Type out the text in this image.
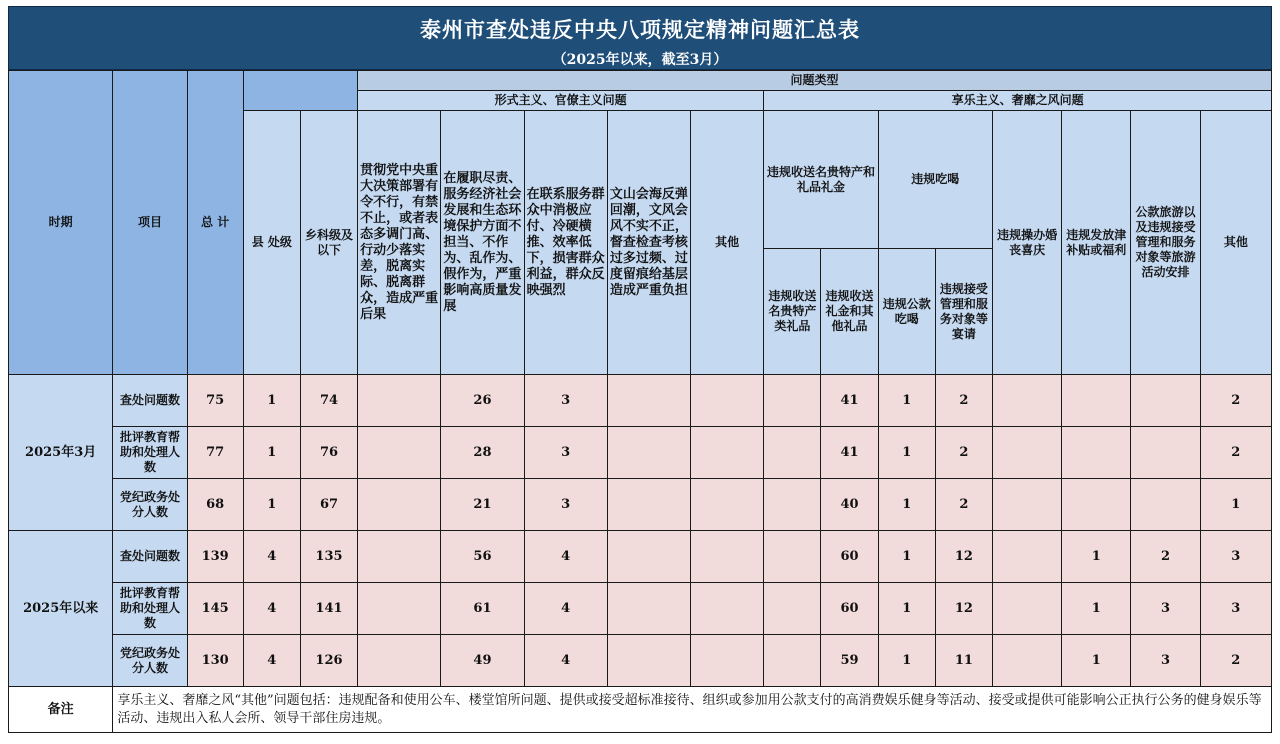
泰州市查处违反中央八项规定精神问题汇总表
（2025年以来，截至3月）
时期	项目	总 计			问题类型												
					形式主义、官僚主义问题					享乐主义、奢靡之风问题							
			县 处级	乡科级及以下	贯彻党中央重大决策部署有令不行，有禁不止，或者表态多调门高、行动少落实差，脱离实际、脱离群众，造成严重后果	在履职尽责、服务经济社会发展和生态环境保护方面不担当、不作为、乱作为、假作为，严重影响高质量发展	在联系服务群众中消极应付、冷硬横推、效率低下，损害群众利益，群众反映强烈	文山会海反弹回潮，文风会风不实不正，督查检查考核过多过频、过度留痕给基层造成严重负担	其他	违规收送名贵特产和礼品礼金		违规吃喝		违规操办婚丧喜庆	违规发放津补贴或福利	公款旅游以及违规接受管理和服务对象等旅游活动安排	其他
										违规收送名贵特产类礼品	违规收送礼金和其他礼品	违规公款吃喝	违规接受管理和服务对象等宴请				
2025年3月	查处问题数	75	1	74		26	3				41	1	2				2
	批评教育帮助和处理人数	77	1	76		28	3				41	1	2				2
	党纪政务处分人数	68	1	67		21	3				40	1	2				1
2025年以来	查处问题数	139	4	135		56	4				60	1	12		1	2	3
	批评教育帮助和处理人数	145	4	141		61	4				60	1	12		1	3	3
	党纪政务处分人数	130	4	126		49	4				59	1	11		1	3	2
备注	享乐主义、奢靡之风“其他”问题包括：违规配备和使用公车、楼堂馆所问题、提供或接受超标准接待、组织或参加用公款支付的高消费娱乐健身等活动、接受或提供可能影响公正执行公务的健身娱乐等活动、违规出入私人会所、领导干部住房违规。																
